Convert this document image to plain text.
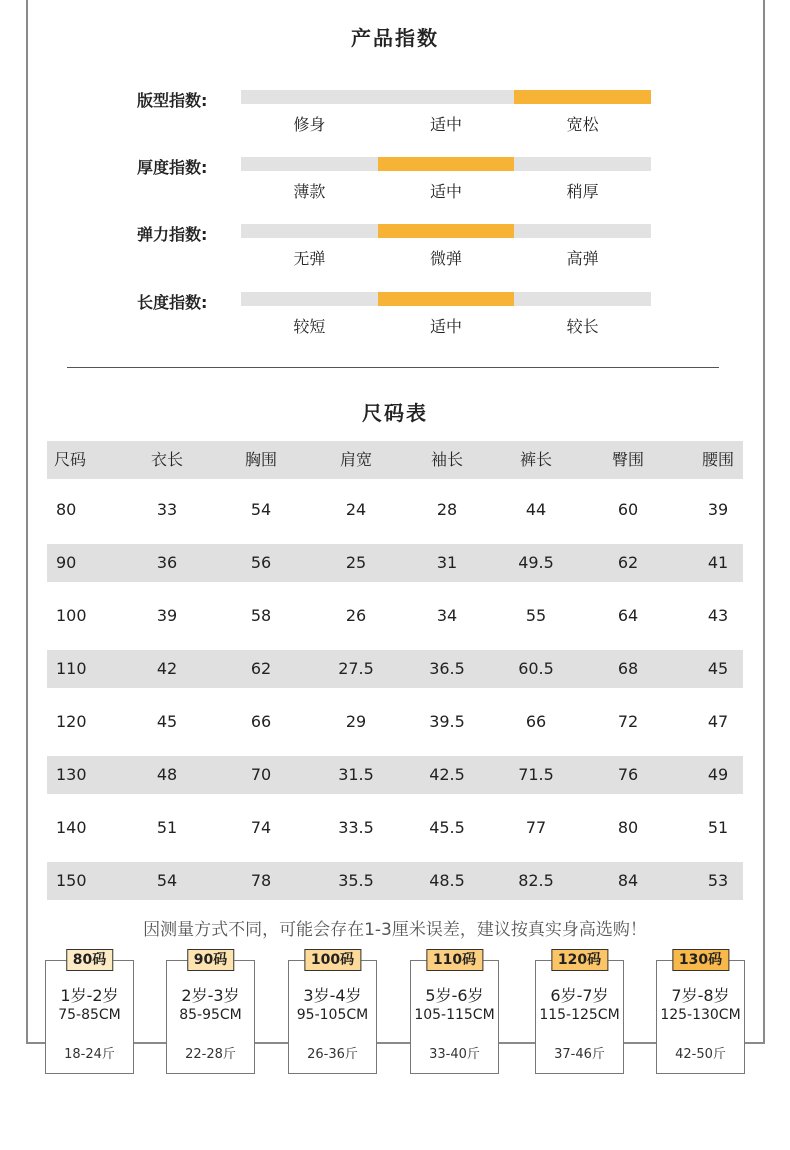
产品指数
版型指数:
修身	适中	宽松
厚度指数:
薄款	适中	稍厚
弹力指数:
无弹	微弹	高弹
长度指数:
较短	适中	较长
尺码表
尺码	衣长	胸围	肩宽	袖长	裤长	臀围	腰围
80	33	54	24	28	44	60	39
90	36	56	25	31	49.5	62	41
100	39	58	26	34	55	64	43
110	42	62	27.5	36.5	60.5	68	45
120	45	66	29	39.5	66	72	47
130	48	70	31.5	42.5	71.5	76	49
140	51	74	33.5	45.5	77	80	51
150	54	78	35.5	48.5	82.5	84	53
因测量方式不同，可能会存在1-3厘米误差，建议按真实身高选购！
80码
1岁-2岁
75-85CM
18-24斤
90码
2岁-3岁
85-95CM
22-28斤
100码
3岁-4岁
95-105CM
26-36斤
110码
5岁-6岁
105-115CM
33-40斤
120码
6岁-7岁
115-125CM
37-46斤
130码
7岁-8岁
125-130CM
42-50斤
